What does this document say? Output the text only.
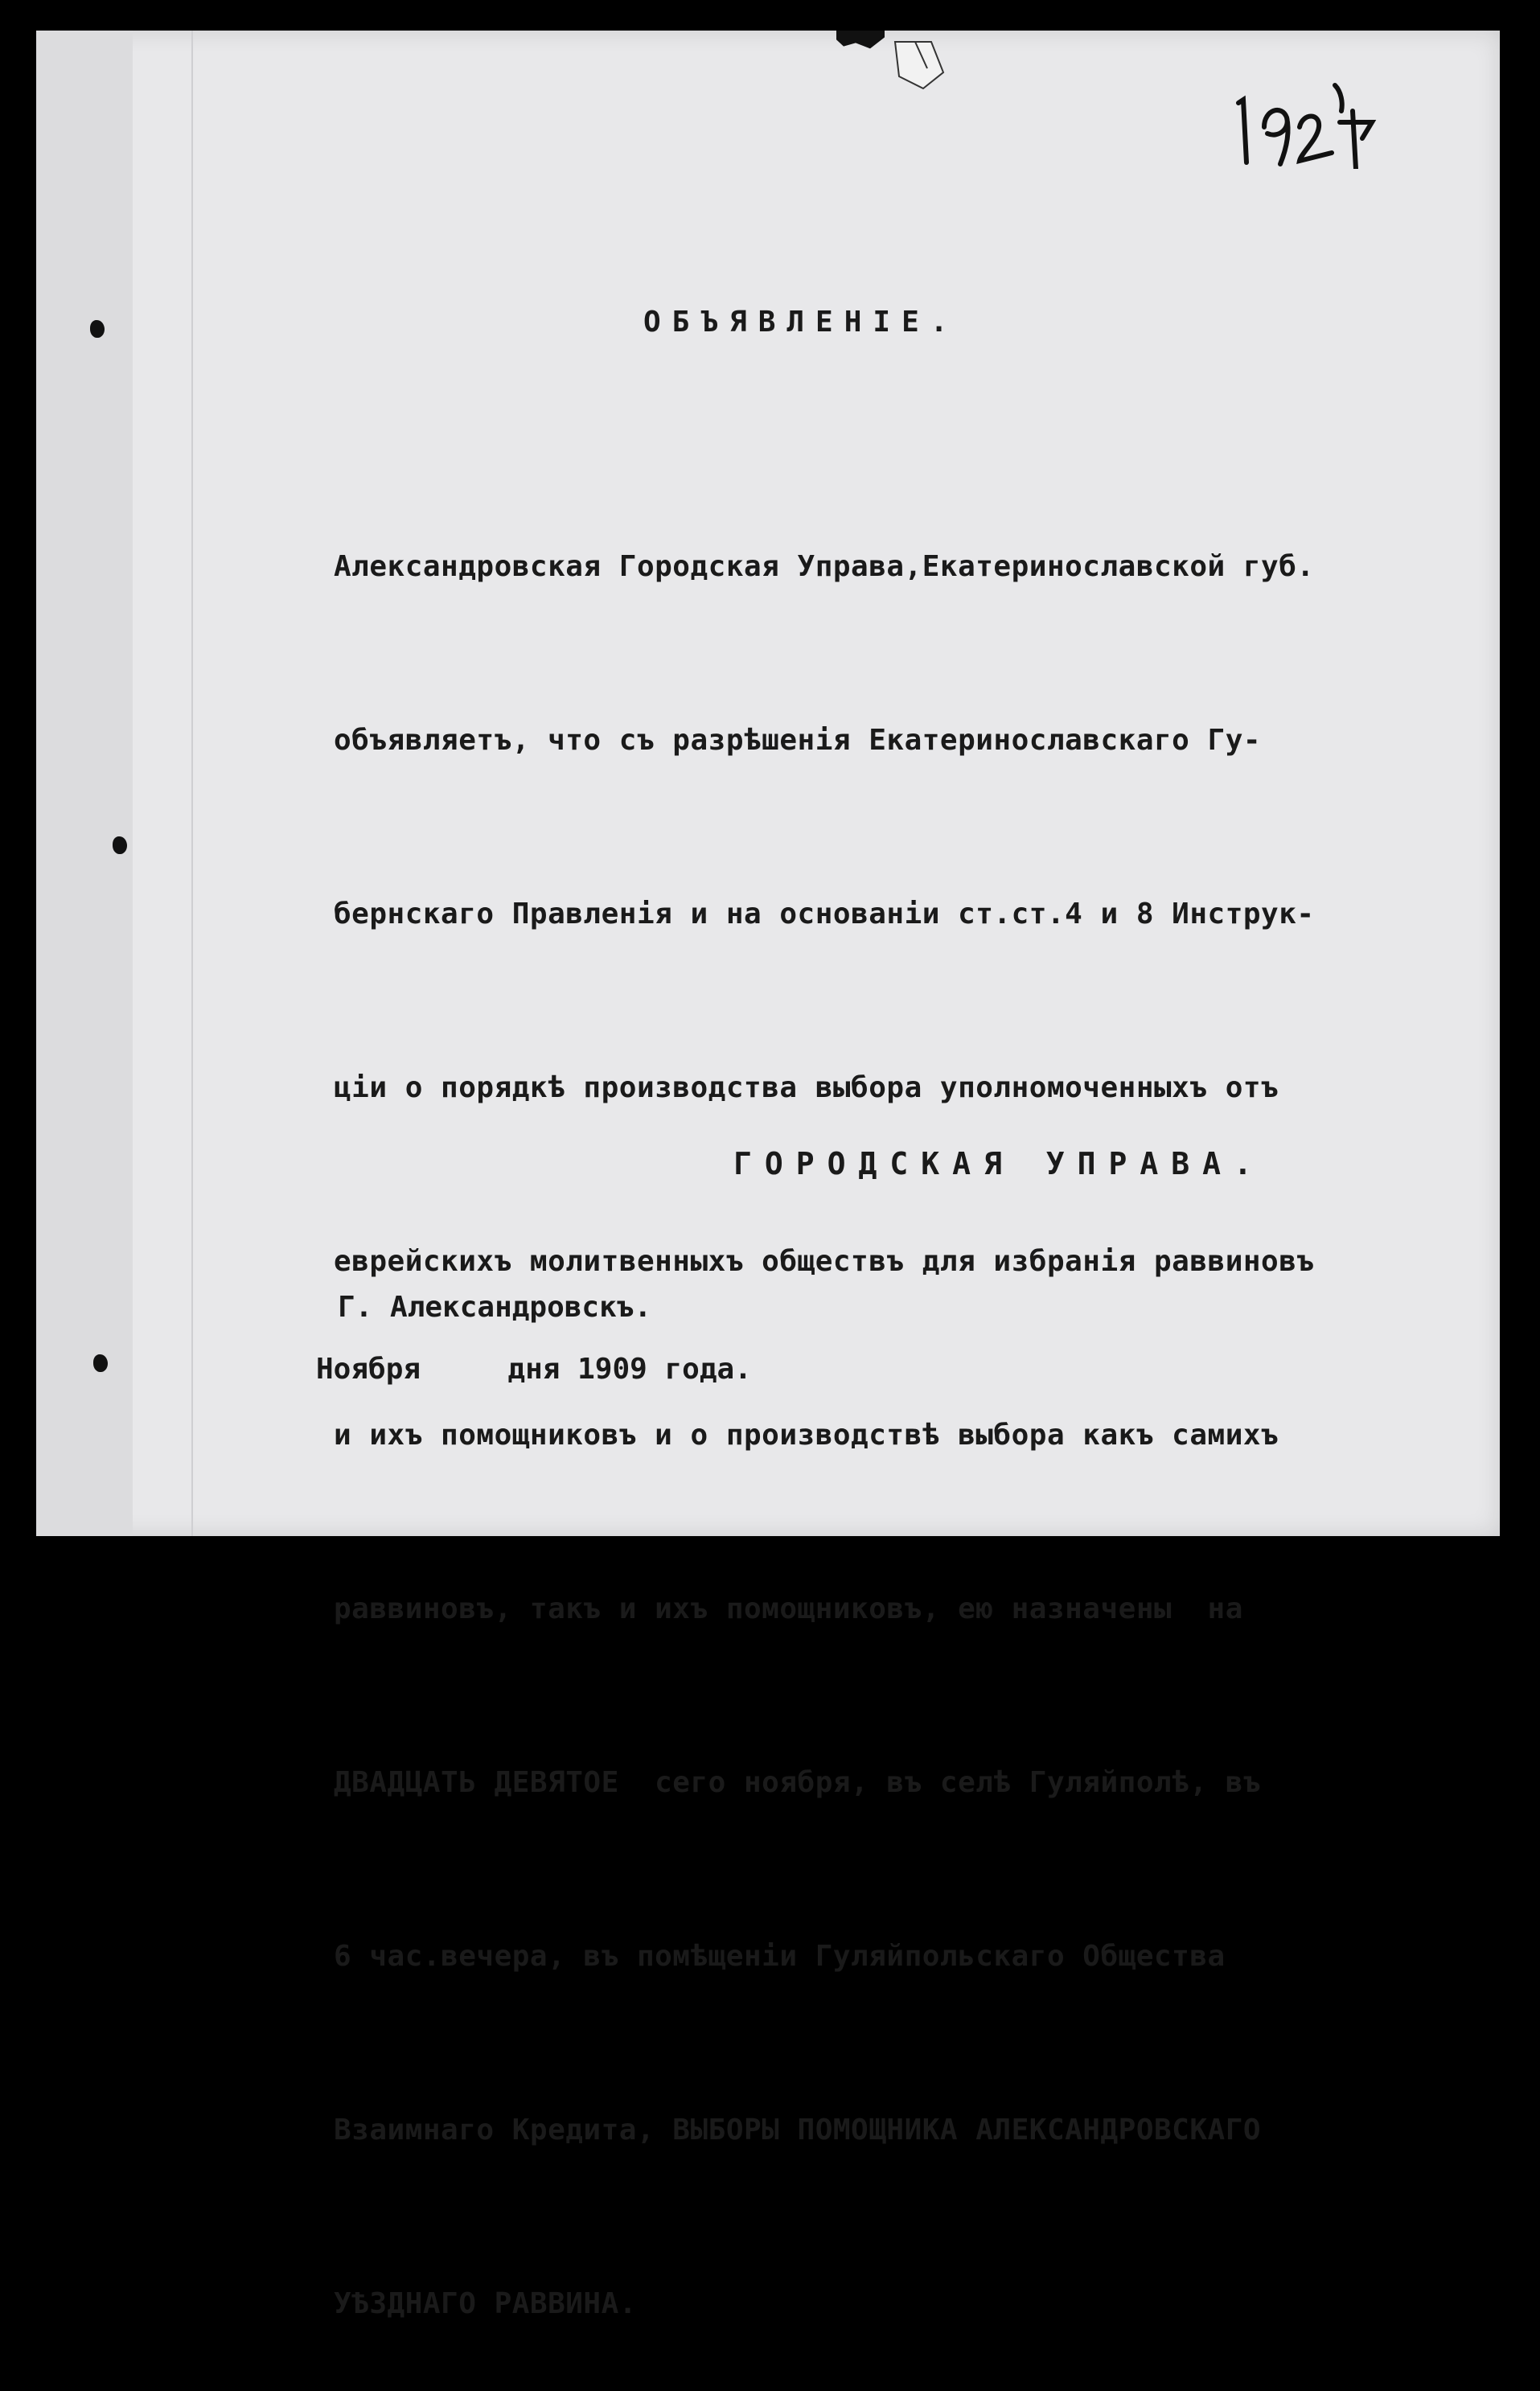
ОБЪЯВЛЕНІЕ.

Александровская Городская Управа,Екатеринославской губ.

объявляетъ, что съ разрѣшенія Екатеринославскаго Гу-

бернскаго Правленія и на основаніи ст.ст.4 и 8 Инструк-

ціи о порядкѣ производства выбора уполномоченныхъ отъ

еврейскихъ молитвенныхъ обществъ для избранія раввиновъ

и ихъ помощниковъ и о производствѣ выбора какъ самихъ

раввиновъ, такъ и ихъ помощниковъ, ею назначены  на

ДВАДЦАТЬ ДЕВЯТОЕ  сего ноября, въ селѣ Гуляйполѣ, въ

6 час.вечера, въ помѣщеніи Гуляйпольскаго Общества

Взаимнаго Кредита, ВЫБОРЫ ПОМОЩНИКА АЛЕКСАНДРОВСКАГО

УѢЗДНАГО РАВВИНА.

ГОРОДСКАЯ УПРАВА.
Г. Александровскъ.
Ноября     дня 1909 года.
